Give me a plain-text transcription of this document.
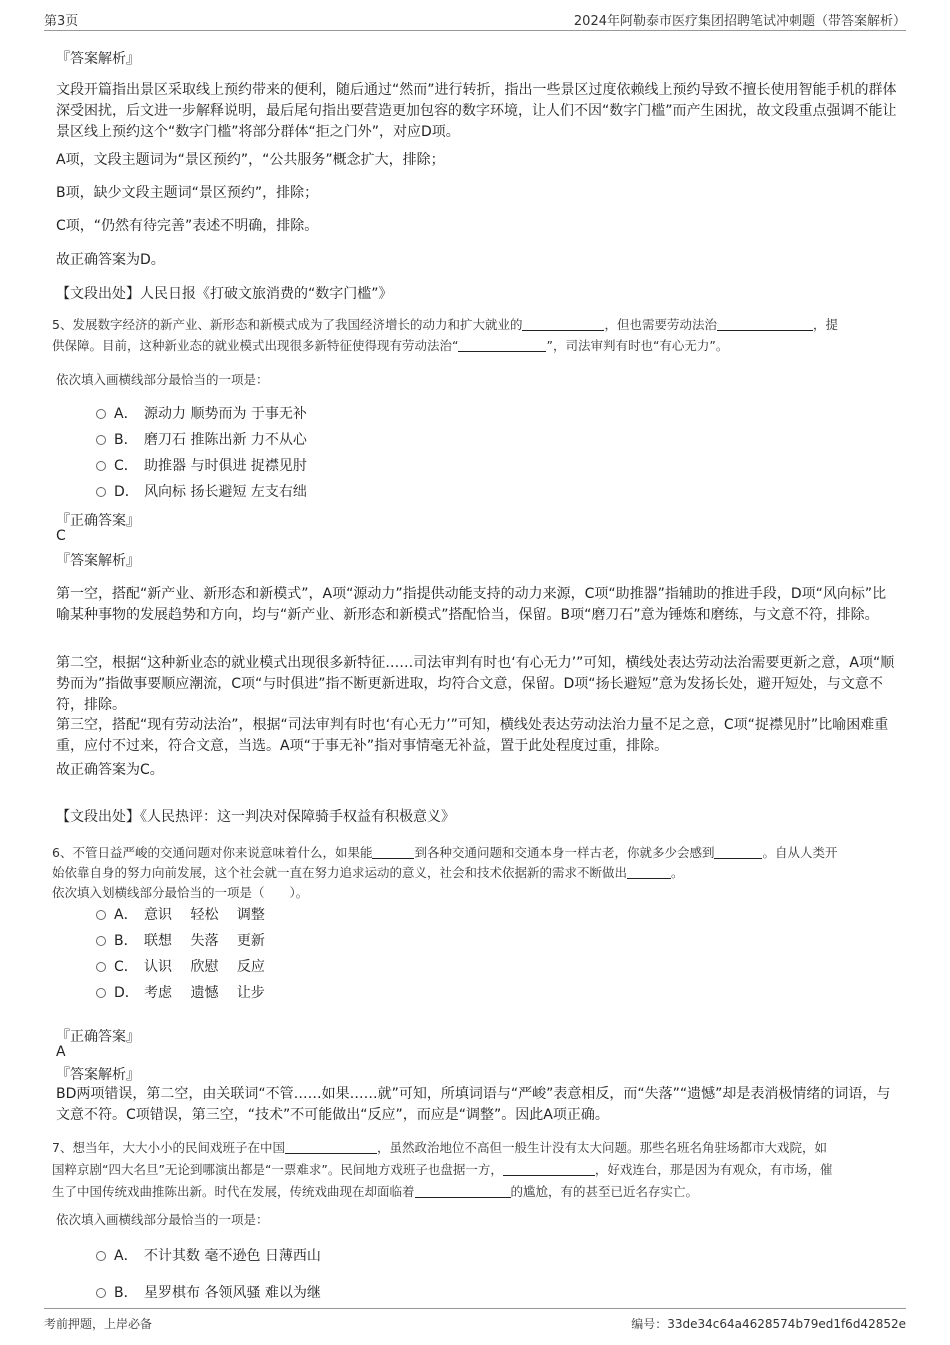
第3页	2024年阿勒泰市医疗集团招聘笔试冲刺题（带答案解析）

『答案解析』

文段开篇指出景区采取线上预约带来的便利，随后通过“然而”进行转折，指出一些景区过度依赖线上预约导致不擅长使用智能手机的群体深受困扰，后文进一步解释说明，最后尾句指出要营造更加包容的数字环境，让人们不因“数字门槛”而产生困扰，故文段重点强调不能让景区线上预约这个“数字门槛”将部分群体“拒之门外”，对应D项。

A项，文段主题词为“景区预约”，“公共服务”概念扩大，排除；

B项，缺少文段主题词“景区预约”，排除；

C项，“仍然有待完善”表述不明确，排除。

故正确答案为D。

【文段出处】人民日报《打破文旅消费的“数字门槛”》

5、发展数字经济的新产业、新形态和新模式成为了我国经济增长的动力和扩大就业的	，但也需要劳动法治	，提
供保障。目前，这种新业态的就业模式出现很多新特征使得现有劳动法治“	”，司法审判有时也“有心无力”。

依次填入画横线部分最恰当的一项是：

A． 源动力 顺势而为 于事无补
B． 磨刀石 推陈出新 力不从心
C． 助推器 与时俱进 捉襟见肘
D． 风向标 扬长避短 左支右绌

『正确答案』

C

『答案解析』

第一空，搭配“新产业、新形态和新模式”，A项“源动力”指提供动能支持的动力来源，C项“助推器”指辅助的推进手段，D项“风向标”比喻某种事物的发展趋势和方向，均与“新产业、新形态和新模式”搭配恰当，保留。B项“磨刀石”意为锤炼和磨练，与文意不符，排除。

第二空，根据“这种新业态的就业模式出现很多新特征……司法审判有时也‘有心无力’”可知，横线处表达劳动法治需要更新之意，A项“顺势而为”指做事要顺应潮流，C项“与时俱进”指不断更新进取，均符合文意，保留。D项“扬长避短”意为发扬长处，避开短处，与文意不符，排除。

第三空，搭配“现有劳动法治”，根据“司法审判有时也‘有心无力’”可知，横线处表达劳动法治力量不足之意，C项“捉襟见肘”比喻困难重重，应付不过来，符合文意，当选。A项“于事无补”指对事情毫无补益，置于此处程度过重，排除。

故正确答案为C。

【文段出处】《人民热评：这一判决对保障骑手权益有积极意义》

6、不管日益严峻的交通问题对你来说意味着什么，如果能	到各种交通问题和交通本身一样古老，你就多少会感到	。自从人类开
始依靠自身的努力向前发展，这个社会就一直在努力追求运动的意义，社会和技术依据新的需求不断做出	。

依次填入划横线部分最恰当的一项是（　　）。

A． 意识　 轻松　 调整
B． 联想　 失落　 更新
C． 认识　 欣慰　 反应
D． 考虑　 遗憾　 让步

『正确答案』

A

『答案解析』

BD两项错误，第二空，由关联词“不管……如果……就”可知，所填词语与“严峻”表意相反，而“失落”“遗憾”却是表消极情绪的词语，与文意不符。C项错误，第三空，“技术”不可能做出“反应”，而应是“调整”。因此A项正确。

7、想当年，大大小小的民间戏班子在中国	，虽然政治地位不高但一般生计没有太大问题。那些名班名角驻场都市大戏院，如
国粹京剧“四大名旦”无论到哪演出都是“一票难求”。民间地方戏班子也盘据一方，	，好戏连台，那是因为有观众，有市场，催
生了中国传统戏曲推陈出新。时代在发展，传统戏曲现在却面临着	的尴尬，有的甚至已近名存实亡。

依次填入画横线部分最恰当的一项是：

A． 不计其数 毫不逊色 日薄西山
B． 星罗棋布 各领风骚 难以为继
考前押题，上岸必备	编号：33de34c64a4628574b79ed1f6d42852e
